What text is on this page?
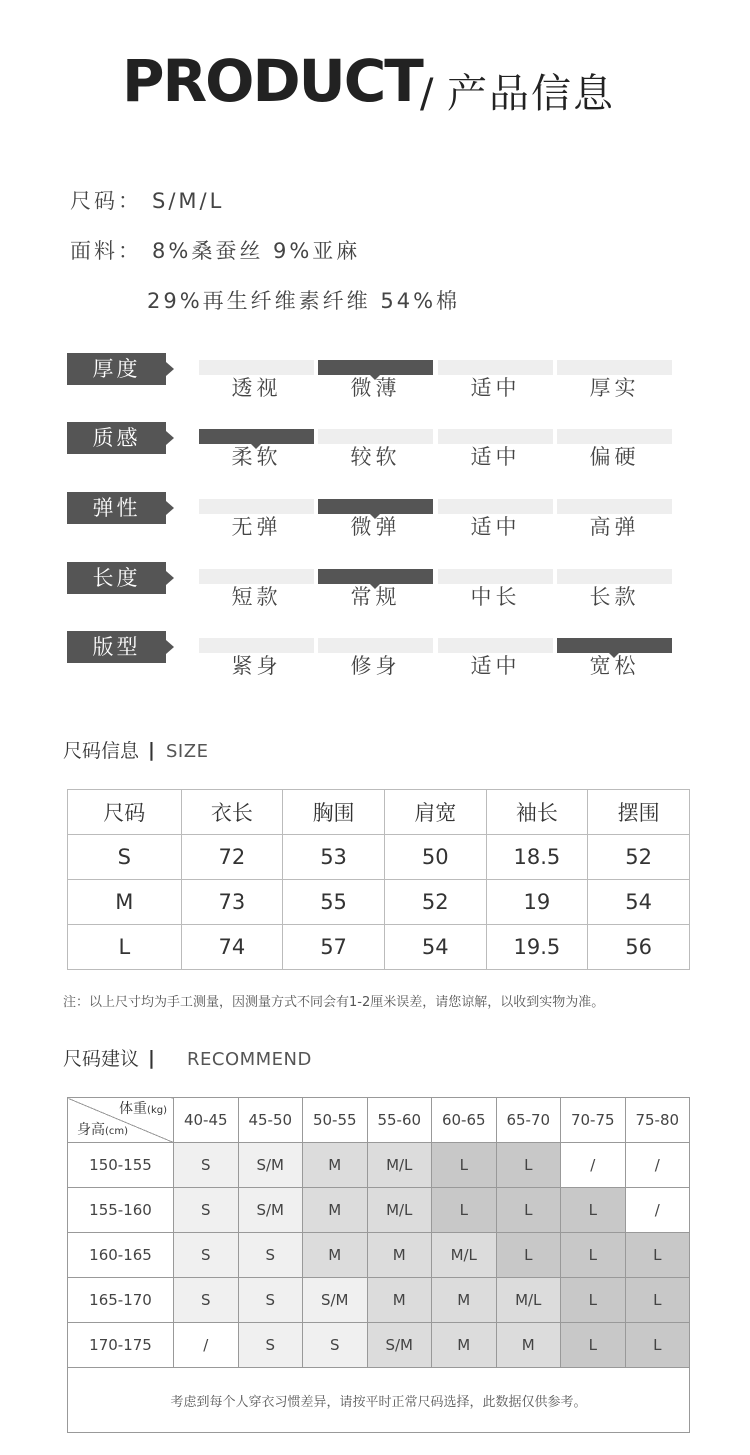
PRODUCT
/ 产品信息
尺码： S/M/L
面料： 8%桑蚕丝 9%亚麻
29%再生纤维素纤维 54%棉
厚度
透视	微薄	适中	厚实
质感
柔软	较软	适中	偏硬
弹性
无弹	微弹	适中	高弹
长度
短款	常规	中长	长款
版型
紧身	修身	适中	宽松
尺码信息 | SIZE
尺码	衣长	胸围	肩宽	袖长	摆围
S	72	53	50	18.5	52
M	73	55	52	19	54
L	74	57	54	19.5	56
注：以上尺寸均为手工测量，因测量方式不同会有1-2厘米误差，请您谅解，以收到实物为准。
尺码建议 | RECOMMEND
体重(kg)
身高(cm)	40-45	45-50	50-55	55-60	60-65	65-70	70-75	75-80
150-155	S	S/M	M	M/L	L	L	/	/
155-160	S	S/M	M	M/L	L	L	L	/
160-165	S	S	M	M	M/L	L	L	L
165-170	S	S	S/M	M	M	M/L	L	L
170-175	/	S	S	S/M	M	M	L	L
考虑到每个人穿衣习惯差异，请按平时正常尺码选择，此数据仅供参考。								
